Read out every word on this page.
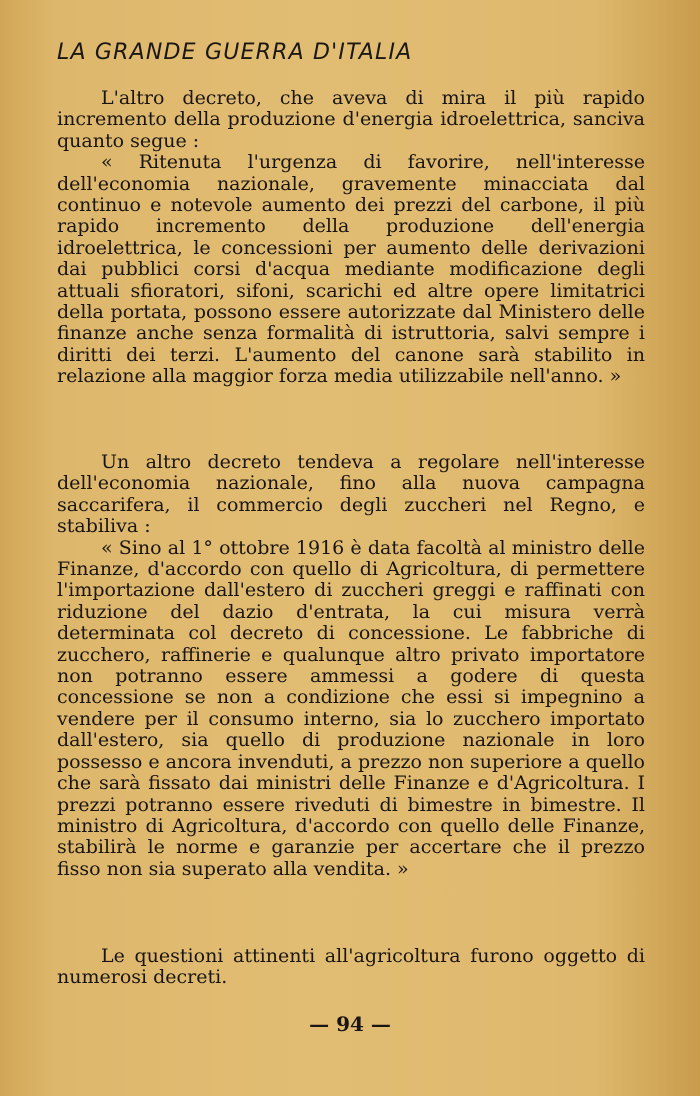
LA GRANDE GUERRA D'ITALIA

L'altro decreto, che aveva di mira il più rapido incremento della produzione d'energia idroelettrica, sanciva quanto segue :

« Ritenuta l'urgenza di favorire, nell'interesse dell'economia nazionale, gravemente minacciata dal continuo e notevole aumento dei prezzi del carbone, il più rapido incremento della produzione dell'energia idroelettrica, le concessioni per aumento delle derivazioni dai pubblici corsi d'acqua mediante modificazione degli attuali sfioratori, sifoni, scarichi ed altre opere limitatrici della portata, possono essere autorizzate dal Ministero delle finanze anche senza formalità di istruttoria, salvi sempre i diritti dei terzi. L'aumento del canone sarà stabilito in relazione alla maggior forza media utilizzabile nell'anno. »

Un altro decreto tendeva a regolare nell'interesse dell'economia nazionale, fino alla nuova campagna saccarifera, il commercio degli zuccheri nel Regno, e stabiliva :

« Sino al 1° ottobre 1916 è data facoltà al ministro delle Finanze, d'accordo con quello di Agricoltura, di permettere l'importazione dall'estero di zuccheri greggi e raffinati con riduzione del dazio d'entrata, la cui misura verrà determinata col decreto di concessione. Le fabbriche di zucchero, raffinerie e qualunque altro privato importatore non potranno essere ammessi a godere di questa concessione se non a condizione che essi si impegnino a vendere per il consumo interno, sia lo zucchero importato dall'estero, sia quello di produzione nazionale in loro possesso e ancora invenduti, a prezzo non superiore a quello che sarà fissato dai ministri delle Finanze e d'Agricoltura. I prezzi potranno essere riveduti di bimestre in bimestre. Il ministro di Agricoltura, d'accordo con quello delle Finanze, stabilirà le norme e garanzie per accertare che il prezzo fisso non sia superato alla vendita. »

Le questioni attinenti all'agricoltura furono oggetto di numerosi decreti.

— 94 —
